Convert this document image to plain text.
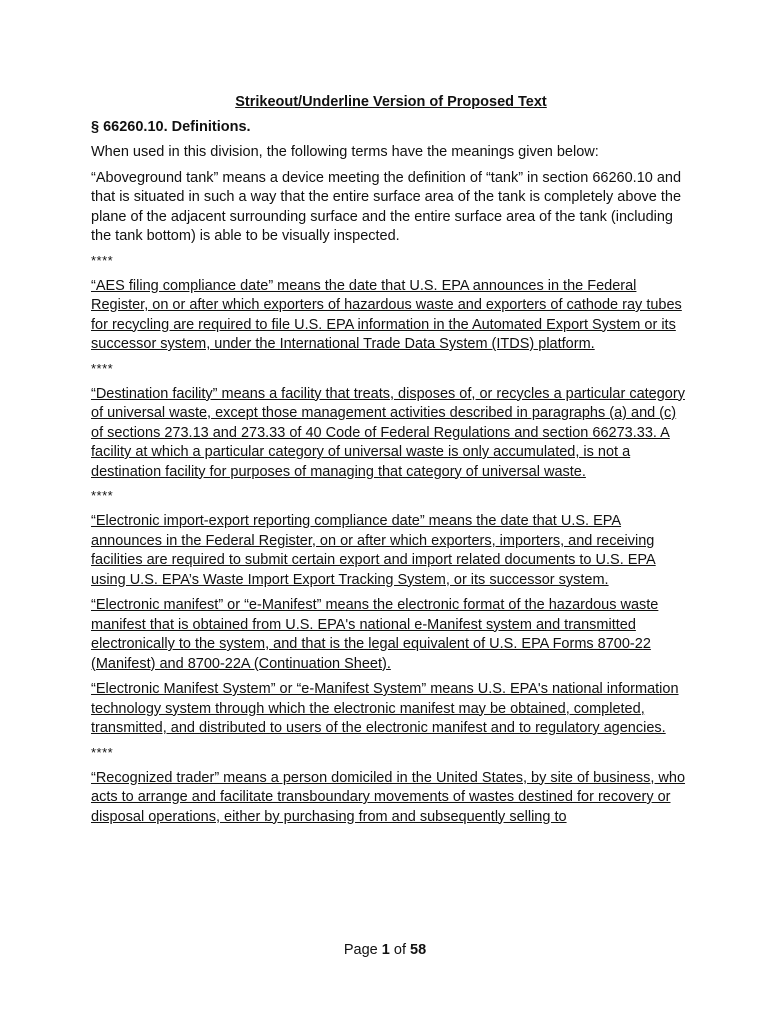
Strikeout/Underline Version of Proposed Text
§ 66260.10. Definitions.
When used in this division, the following terms have the meanings given below:
“Aboveground tank” means a device meeting the definition of “tank” in section 66260.10 and that is situated in such a way that the entire surface area of the tank is completely above the plane of the adjacent surrounding surface and the entire surface area of the tank (including the tank bottom) is able to be visually inspected.
****
“AES filing compliance date” means the date that U.S. EPA announces in the Federal Register, on or after which exporters of hazardous waste and exporters of cathode ray tubes for recycling are required to file U.S. EPA information in the Automated Export System or its successor system, under the International Trade Data System (ITDS) platform.
****
“Destination facility” means a facility that treats, disposes of, or recycles a particular category of universal waste, except those management activities described in paragraphs (a) and (c) of sections 273.13 and 273.33 of 40 Code of Federal Regulations and section 66273.33. A facility at which a particular category of universal waste is only accumulated, is not a destination facility for purposes of managing that category of universal waste.
****
“Electronic import-export reporting compliance date” means the date that U.S. EPA announces in the Federal Register, on or after which exporters, importers, and receiving facilities are required to submit certain export and import related documents to U.S. EPA using U.S. EPA’s Waste Import Export Tracking System, or its successor system.
“Electronic manifest” or “e-Manifest” means the electronic format of the hazardous waste manifest that is obtained from U.S. EPA's national e-Manifest system and transmitted electronically to the system, and that is the legal equivalent of U.S. EPA Forms 8700-22 (Manifest) and 8700-22A (Continuation Sheet).
“Electronic Manifest System” or “e-Manifest System” means U.S. EPA's national information technology system through which the electronic manifest may be obtained, completed, transmitted, and distributed to users of the electronic manifest and to regulatory agencies.
****
“Recognized trader” means a person domiciled in the United States, by site of business, who acts to arrange and facilitate transboundary movements of wastes destined for recovery or disposal operations, either by purchasing from and subsequently selling to
Page 1 of 58
